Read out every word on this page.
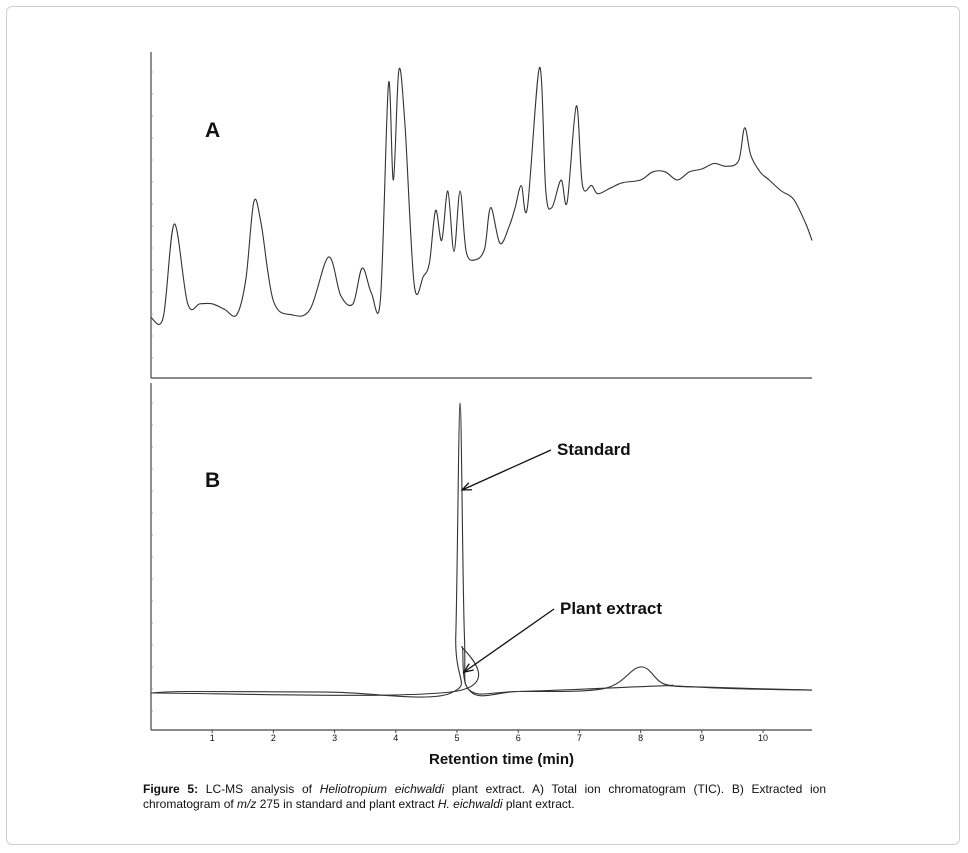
A
1	2	3	4	5	6	7	8	9	10
Retention time (min)
B
Standard
Plant extract
Figure 5: LC-MS analysis of Heliotropium eichwaldi plant extract. A) Total ion chromatogram (TIC). B) Extracted ion chromatogram of m/z 275 in standard and plant extract H. eichwaldi plant extract.
